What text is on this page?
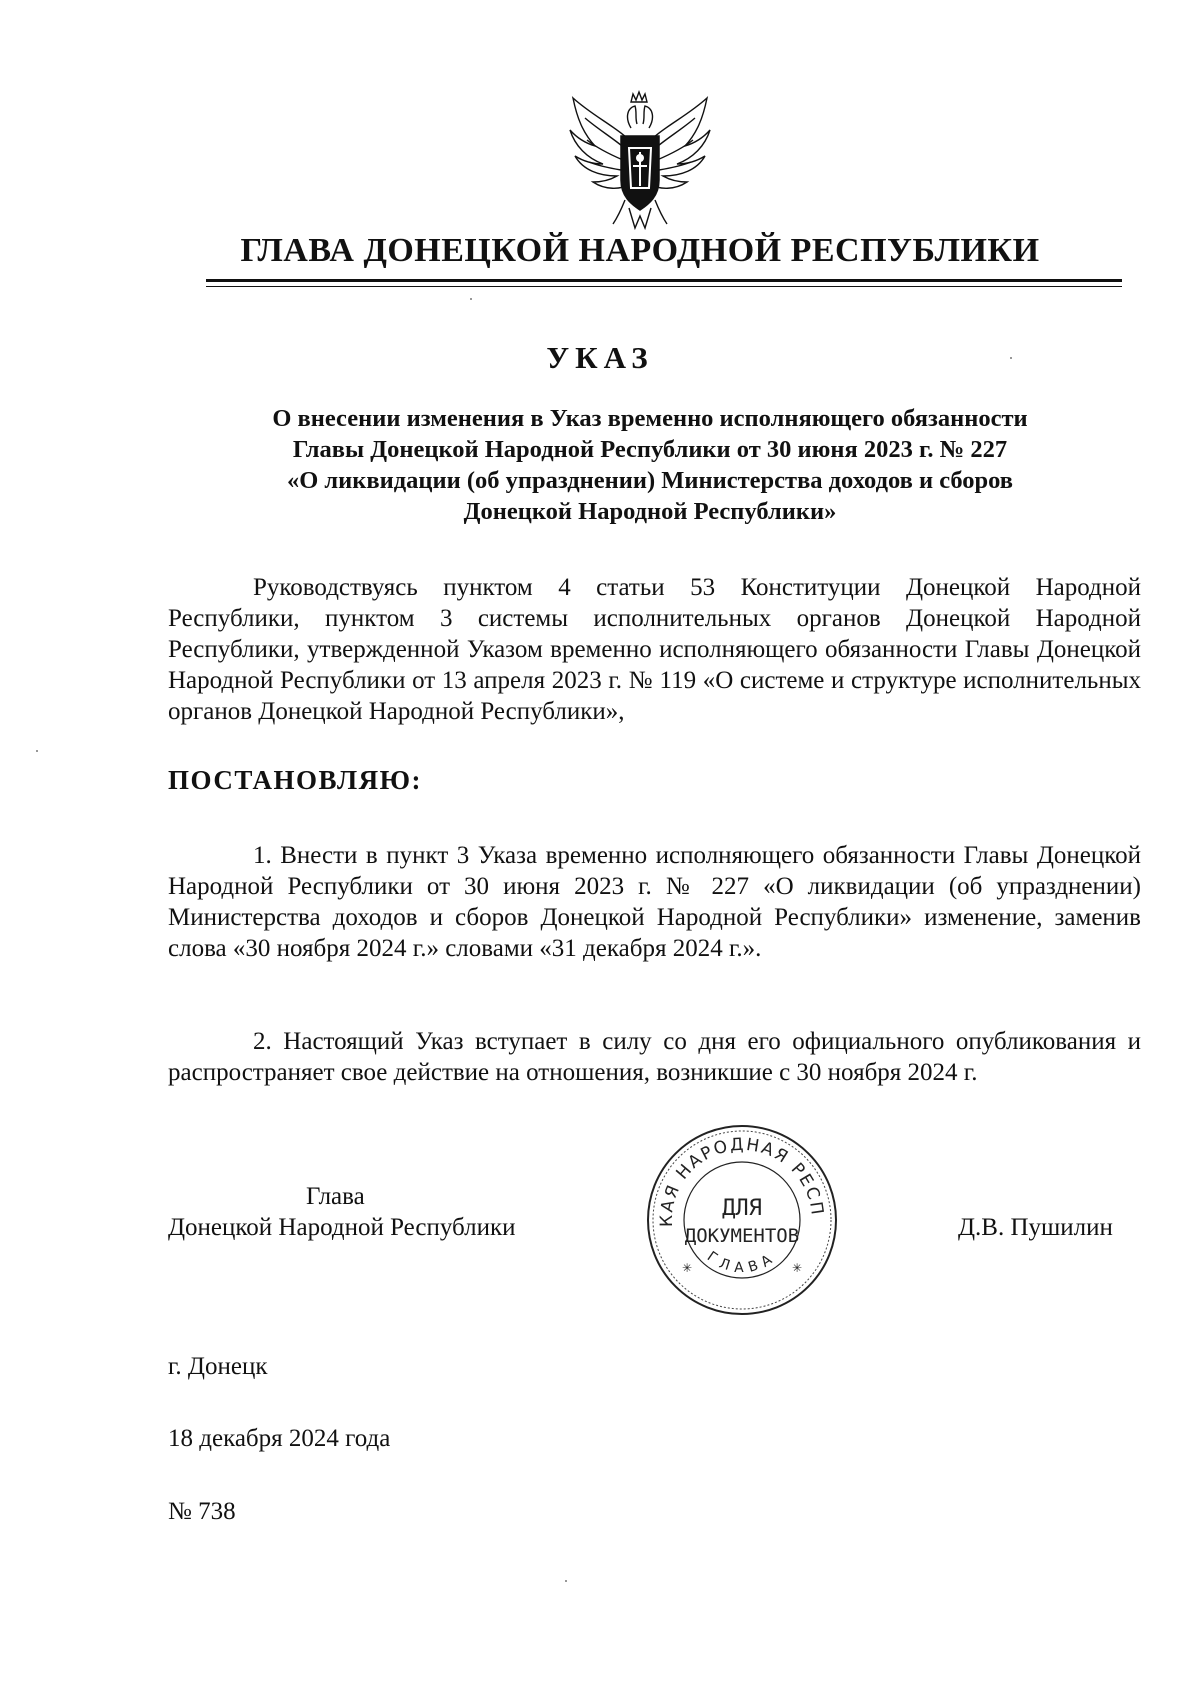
ГЛАВА ДОНЕЦКОЙ НАРОДНОЙ РЕСПУБЛИКИ
УКАЗ
О внесении изменения в Указ временно исполняющего обязанности
Главы Донецкой Народной Республики от 30 июня 2023 г. № 227
«О ликвидации (об упразднении) Министерства доходов и сборов
Донецкой Народной Республики»
Руководствуясь пунктом 4 статьи 53 Конституции Донецкой Народной Республики, пунктом 3 системы исполнительных органов Донецкой Народной Республики, утвержденной Указом временно исполняющего обязанности Главы Донецкой Народной Республики от 13 апреля 2023 г. № 119 «О системе и структуре исполнительных органов Донецкой Народной Республики»,
ПОСТАНОВЛЯЮ:
1. Внести в пункт 3 Указа временно исполняющего обязанности Главы Донецкой Народной Республики от 30 июня 2023 г. № 227 «О ликвидации (об упразднении) Министерства доходов и сборов Донецкой Народной Республики» изменение, заменив слова «30 ноября 2024 г.» словами «31 декабря 2024 г.».
2. Настоящий Указ вступает в силу со дня его официального опубликования и распространяет свое действие на отношения, возникшие с 30 ноября 2024 г.
Глава
Донецкой Народной Республики	Д.В. Пушилин
КАЯ НАРОДНАЯ РЕСП
ГЛАВА
ДЛЯ
ДОКУМЕНТОВ
✳	✳
г. Донецк
18 декабря 2024 года
№ 738
